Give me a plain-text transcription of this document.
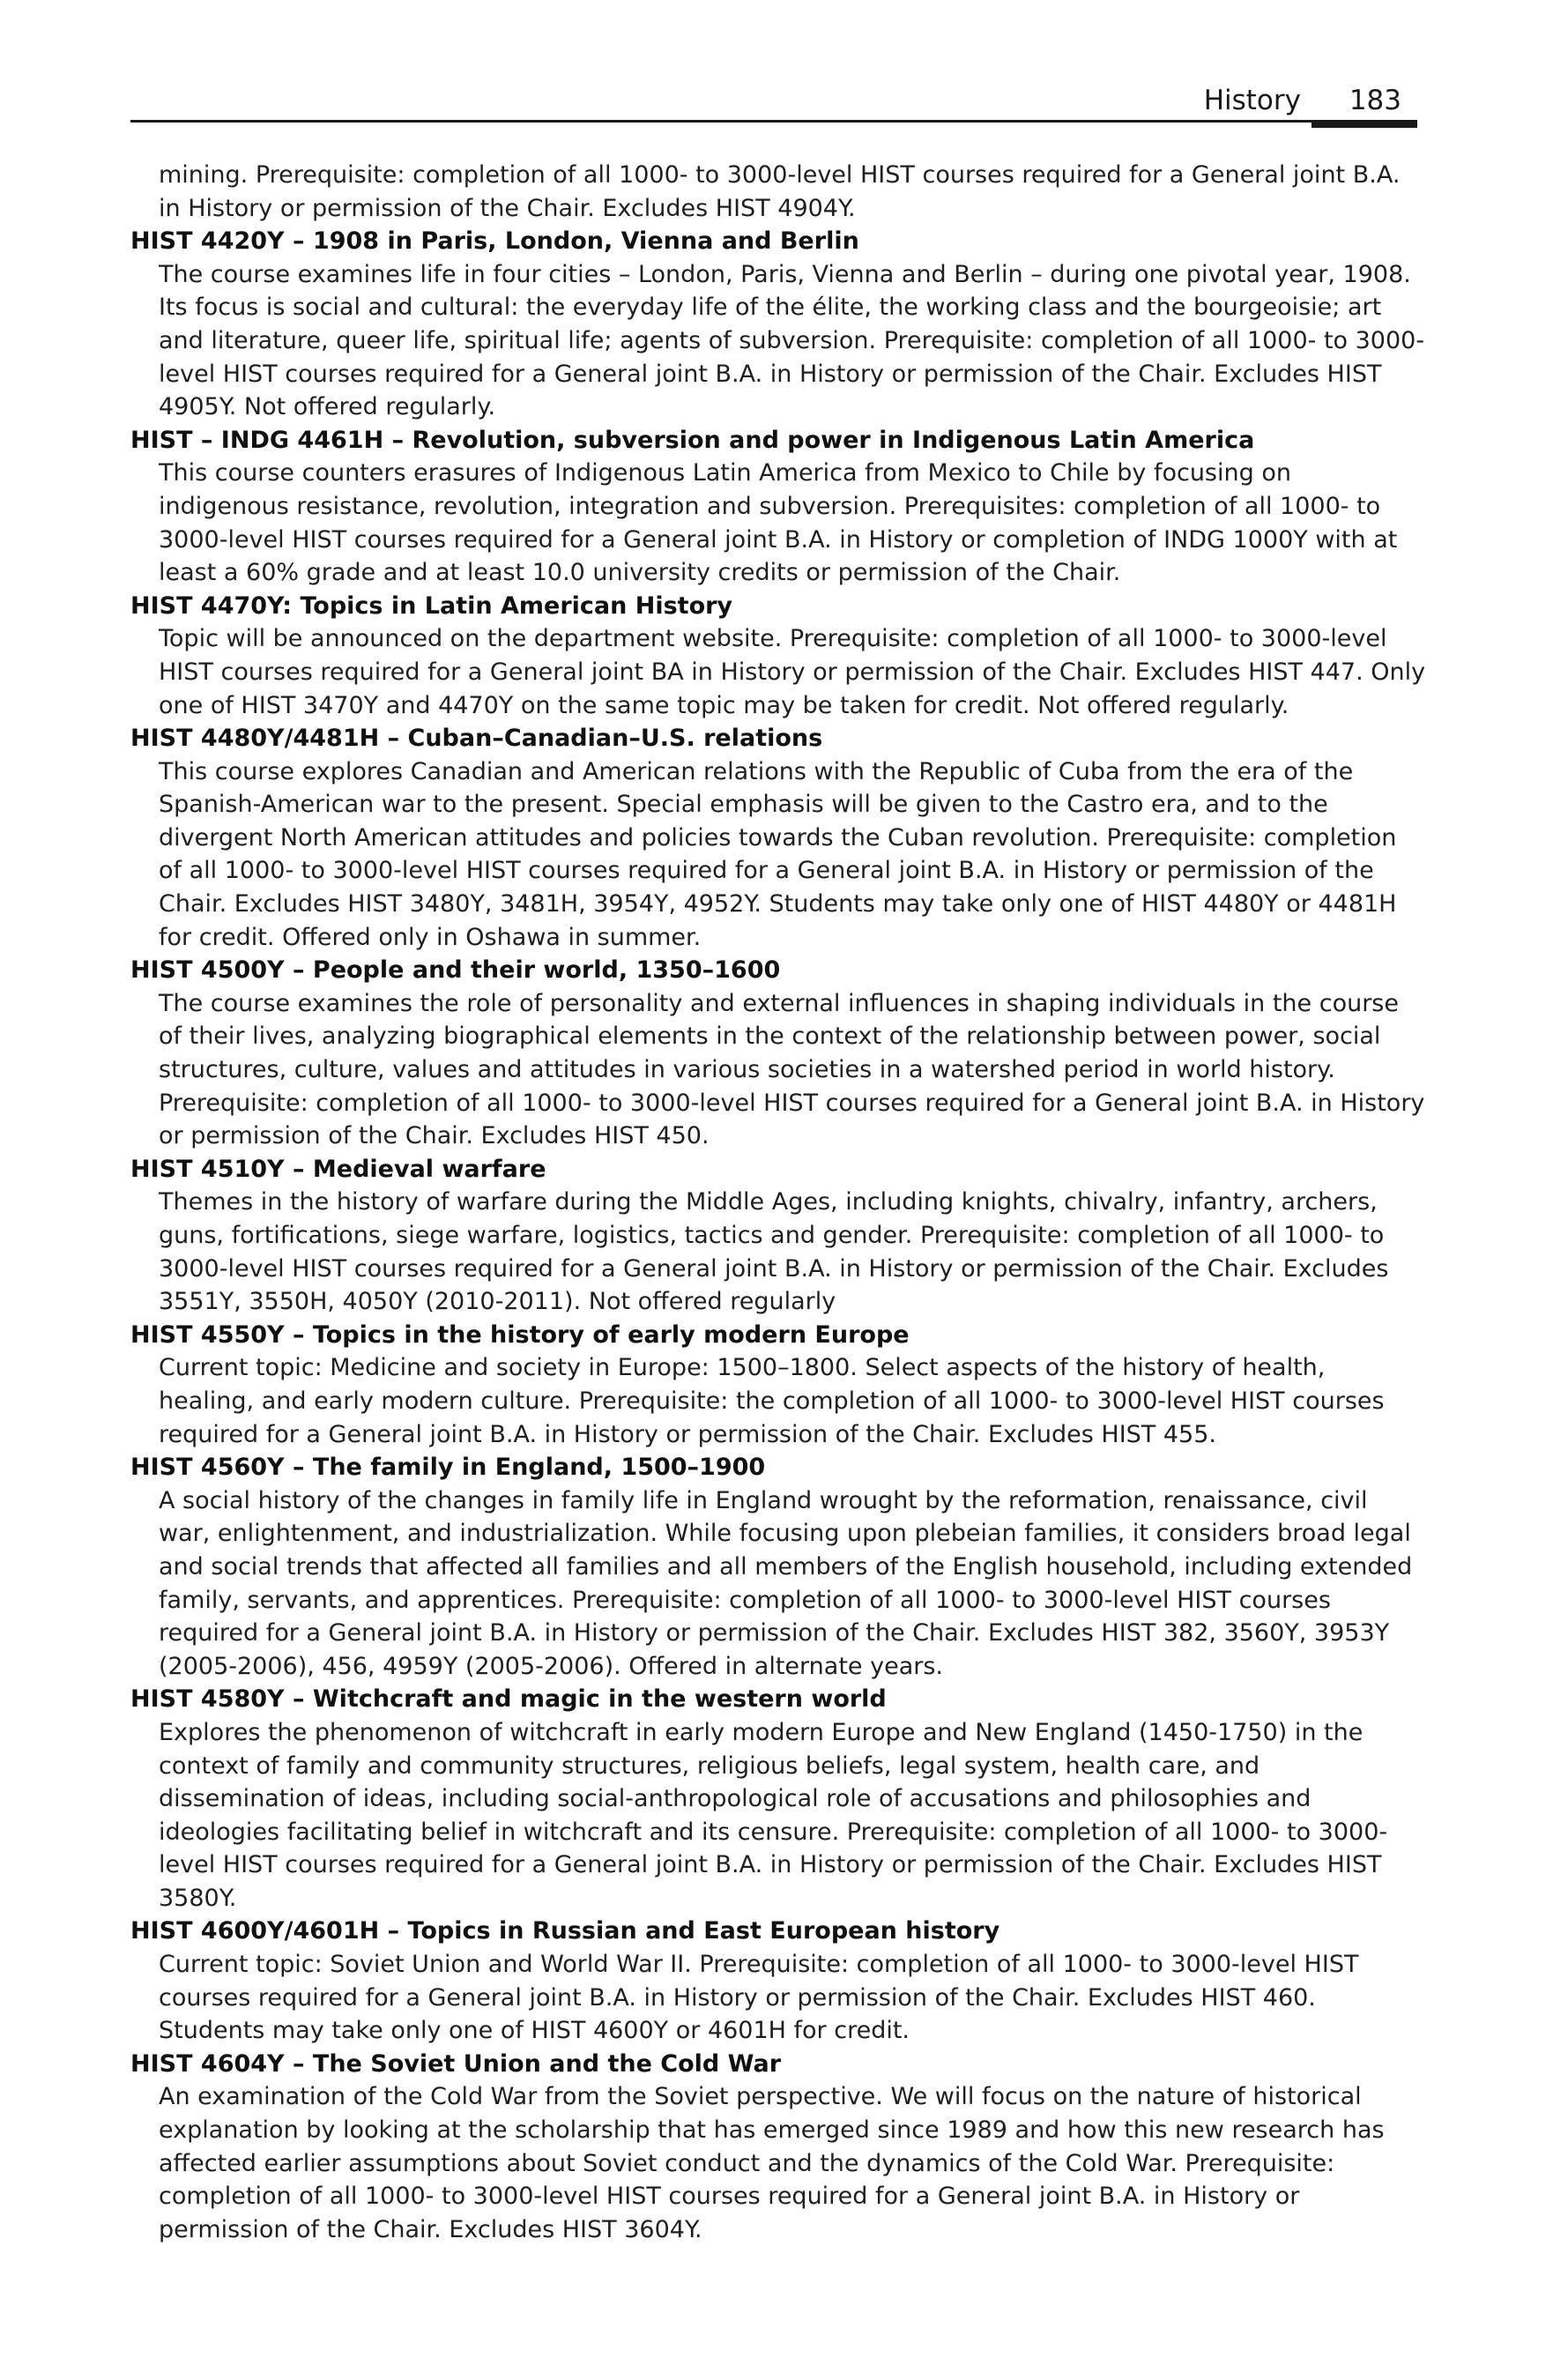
History 183
mining. Prerequisite: completion of all 1000- to 3000-level HIST courses required for a General joint B.A. in History or permission of the Chair. Excludes HIST 4904Y.
HIST 4420Y – 1908 in Paris, London, Vienna and Berlin
The course examines life in four cities – London, Paris, Vienna and Berlin – during one pivotal year, 1908. Its focus is social and cultural: the everyday life of the élite, the working class and the bourgeoisie; art and literature, queer life, spiritual life; agents of subversion. Prerequisite: completion of all 1000- to 3000-level HIST courses required for a General joint B.A. in History or permission of the Chair. Excludes HIST 4905Y. Not offered regularly.
HIST – INDG 4461H – Revolution, subversion and power in Indigenous Latin America
This course counters erasures of Indigenous Latin America from Mexico to Chile by focusing on indigenous resistance, revolution, integration and subversion. Prerequisites: completion of all 1000- to 3000-level HIST courses required for a General joint B.A. in History or completion of INDG 1000Y with at least a 60% grade and at least 10.0 university credits or permission of the Chair.
HIST 4470Y: Topics in Latin American History
Topic will be announced on the department website. Prerequisite: completion of all 1000- to 3000-level HIST courses required for a General joint BA in History or permission of the Chair. Excludes HIST 447. Only one of HIST 3470Y and 4470Y on the same topic may be taken for credit. Not offered regularly.
HIST 4480Y/4481H – Cuban–Canadian–U.S. relations
This course explores Canadian and American relations with the Republic of Cuba from the era of the Spanish-American war to the present. Special emphasis will be given to the Castro era, and to the divergent North American attitudes and policies towards the Cuban revolution. Prerequisite: completion of all 1000- to 3000-level HIST courses required for a General joint B.A. in History or permission of the Chair. Excludes HIST 3480Y, 3481H, 3954Y, 4952Y. Students may take only one of HIST 4480Y or 4481H for credit. Offered only in Oshawa in summer.
HIST 4500Y – People and their world, 1350–1600
The course examines the role of personality and external influences in shaping individuals in the course of their lives, analyzing biographical elements in the context of the relationship between power, social structures, culture, values and attitudes in various societies in a watershed period in world history. Prerequisite: completion of all 1000- to 3000-level HIST courses required for a General joint B.A. in History or permission of the Chair. Excludes HIST 450.
HIST 4510Y – Medieval warfare
Themes in the history of warfare during the Middle Ages, including knights, chivalry, infantry, archers, guns, fortifications, siege warfare, logistics, tactics and gender. Prerequisite: completion of all 1000- to 3000-level HIST courses required for a General joint B.A. in History or permission of the Chair. Excludes 3551Y, 3550H, 4050Y (2010-2011). Not offered regularly
HIST 4550Y – Topics in the history of early modern Europe
Current topic: Medicine and society in Europe: 1500–1800. Select aspects of the history of health, healing, and early modern culture. Prerequisite: the completion of all 1000- to 3000-level HIST courses required for a General joint B.A. in History or permission of the Chair. Excludes HIST 455.
HIST 4560Y – The family in England, 1500–1900
A social history of the changes in family life in England wrought by the reformation, renaissance, civil war, enlightenment, and industrialization. While focusing upon plebeian families, it considers broad legal and social trends that affected all families and all members of the English household, including extended family, servants, and apprentices. Prerequisite: completion of all 1000- to 3000-level HIST courses required for a General joint B.A. in History or permission of the Chair. Excludes HIST 382, 3560Y, 3953Y (2005-2006), 456, 4959Y (2005-2006). Offered in alternate years.
HIST 4580Y – Witchcraft and magic in the western world
Explores the phenomenon of witchcraft in early modern Europe and New England (1450-1750) in the context of family and community structures, religious beliefs, legal system, health care, and dissemination of ideas, including social-anthropological role of accusations and philosophies and ideologies facilitating belief in witchcraft and its censure. Prerequisite: completion of all 1000- to 3000-level HIST courses required for a General joint B.A. in History or permission of the Chair. Excludes HIST 3580Y.
HIST 4600Y/4601H – Topics in Russian and East European history
Current topic: Soviet Union and World War II. Prerequisite: completion of all 1000- to 3000-level HIST courses required for a General joint B.A. in History or permission of the Chair. Excludes HIST 460. Students may take only one of HIST 4600Y or 4601H for credit.
HIST 4604Y – The Soviet Union and the Cold War
An examination of the Cold War from the Soviet perspective. We will focus on the nature of historical explanation by looking at the scholarship that has emerged since 1989 and how this new research has affected earlier assumptions about Soviet conduct and the dynamics of the Cold War. Prerequisite: completion of all 1000- to 3000-level HIST courses required for a General joint B.A. in History or permission of the Chair. Excludes HIST 3604Y.
